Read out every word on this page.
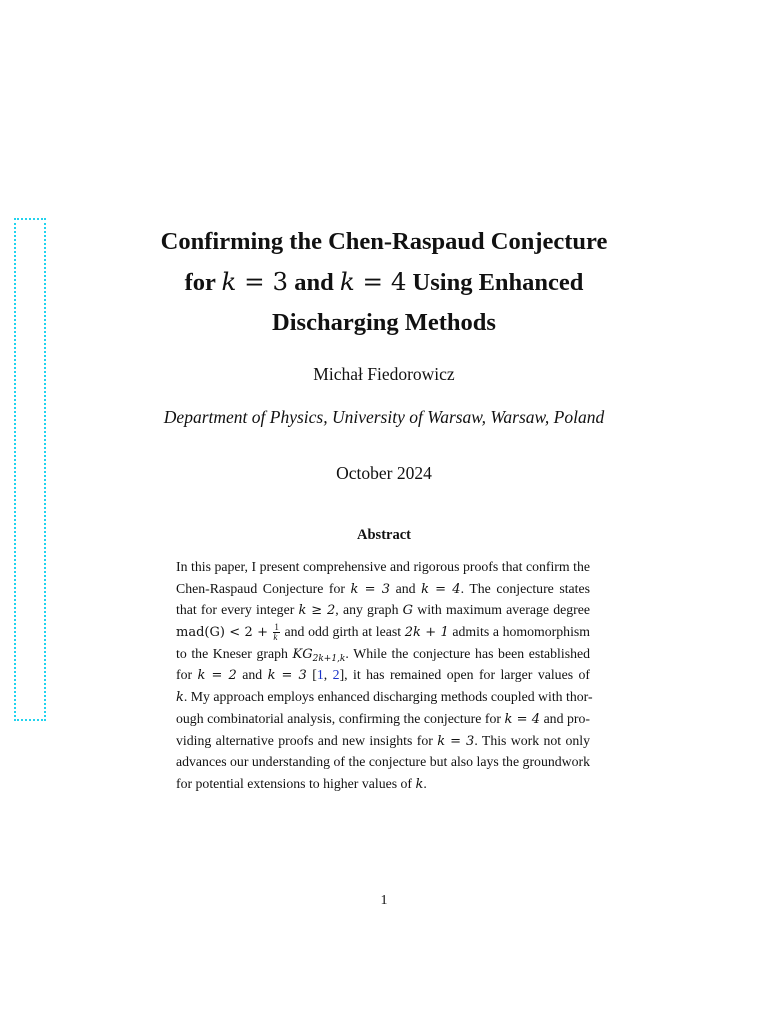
Confirming the Chen-Raspaud Conjecture
for k = 3 and k = 4 Using Enhanced
Discharging Methods
Michał Fiedorowicz
Department of Physics, University of Warsaw, Warsaw, Poland
October 2024
Abstract
In this paper, I present comprehensive and rigorous proofs that confirm the
Chen-Raspaud Conjecture for k = 3 and k = 4. The conjecture states
that for every integer k ≥ 2, any graph G with maximum average degree
$mad(G) < 2 + \frac{1}{k}$ and odd girth at least 2k + 1 admits a homomorphism
to the Kneser graph $KG_{2k+1,k}$. While the conjecture has been established
for k = 2 and k = 3 [1, 2], it has remained open for larger values of
k. My approach employs enhanced discharging methods coupled with thor-
ough combinatorial analysis, confirming the conjecture for k = 4 and pro-
viding alternative proofs and new insights for k = 3. This work not only
advances our understanding of the conjecture but also lays the groundwork
for potential extensions to higher values of k.
1
